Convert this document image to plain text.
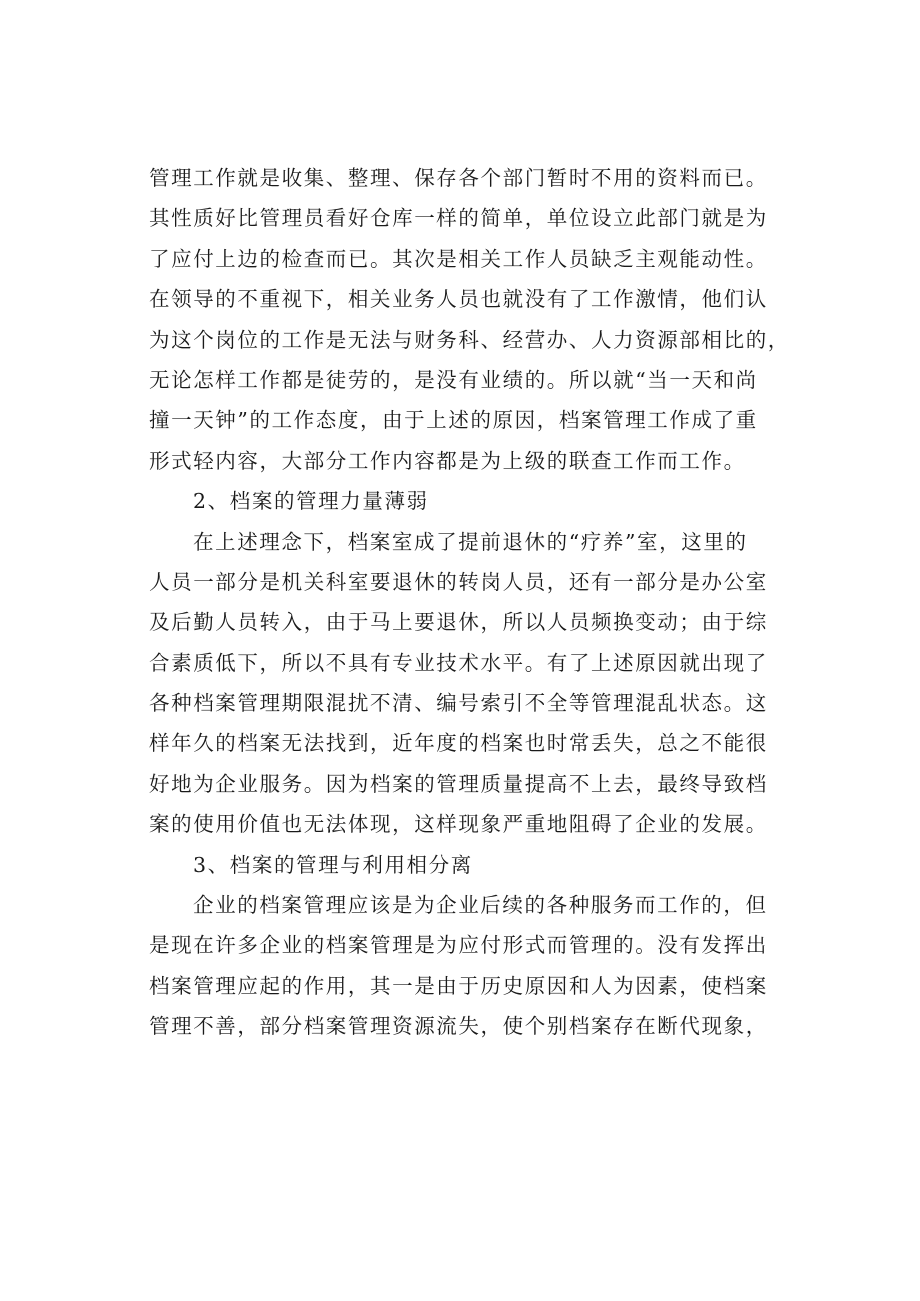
管理工作就是收集、整理、保存各个部门暂时不用的资料而已。
其性质好比管理员看好仓库一样的简单，单位设立此部门就是为
了应付上边的检查而已。其次是相关工作人员缺乏主观能动性。
在领导的不重视下，相关业务人员也就没有了工作激情，他们认
为这个岗位的工作是无法与财务科、经营办、人力资源部相比的，
无论怎样工作都是徒劳的，是没有业绩的。所以就“当一天和尚
撞一天钟”的工作态度，由于上述的原因，档案管理工作成了重
形式轻内容，大部分工作内容都是为上级的联查工作而工作。
2、档案的管理力量薄弱
在上述理念下，档案室成了提前退休的“疗养”室，这里的
人员一部分是机关科室要退休的转岗人员，还有一部分是办公室
及后勤人员转入，由于马上要退休，所以人员频换变动；由于综
合素质低下，所以不具有专业技术水平。有了上述原因就出现了
各种档案管理期限混扰不清、编号索引不全等管理混乱状态。这
样年久的档案无法找到，近年度的档案也时常丢失，总之不能很
好地为企业服务。因为档案的管理质量提高不上去，最终导致档
案的使用价值也无法体现，这样现象严重地阻碍了企业的发展。
3、档案的管理与利用相分离
企业的档案管理应该是为企业后续的各种服务而工作的，但
是现在许多企业的档案管理是为应付形式而管理的。没有发挥出
档案管理应起的作用，其一是由于历史原因和人为因素，使档案
管理不善，部分档案管理资源流失，使个别档案存在断代现象，
